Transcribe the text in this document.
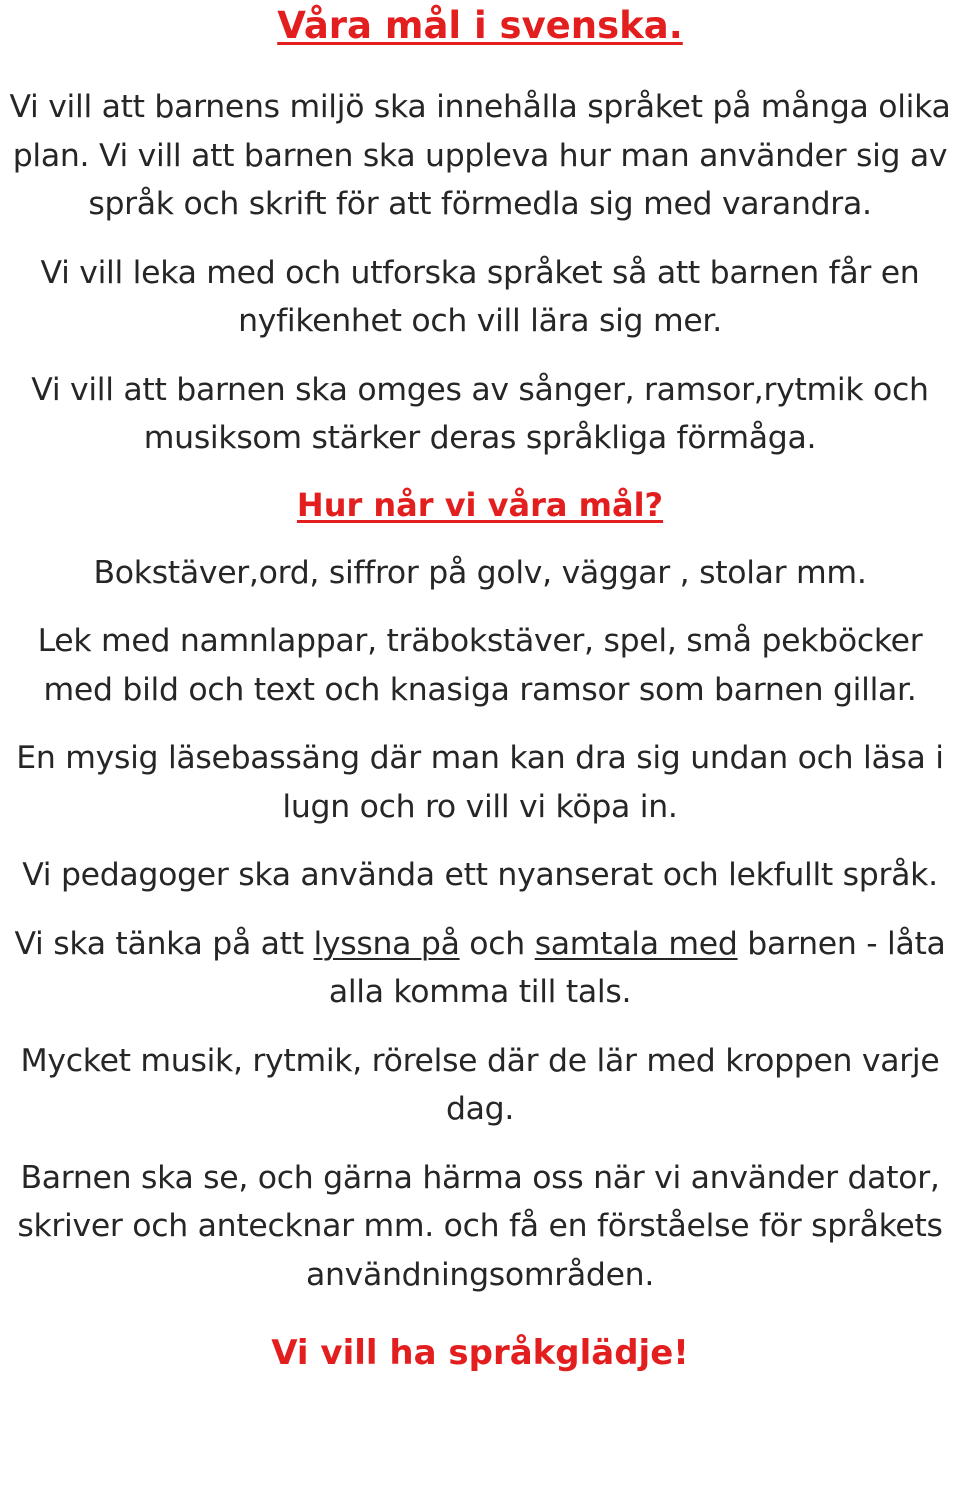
Våra mål i svenska.

Vi vill att barnens miljö ska innehålla språket på många olika plan. Vi vill att barnen ska uppleva hur man använder sig av språk och skrift för att förmedla sig med varandra.

Vi vill leka med och utforska språket så att barnen får en nyfikenhet och vill lära sig mer.

Vi vill att barnen ska omges av sånger, ramsor,rytmik och musiksom stärker deras språkliga förmåga.

Hur når vi våra mål?

Bokstäver,ord, siffror på golv, väggar , stolar mm.

Lek med namnlappar, träbokstäver, spel, små pekböcker med bild och text och knasiga ramsor som barnen gillar.

En mysig läsebassäng där man kan dra sig undan och läsa i lugn och ro vill vi köpa in.

Vi pedagoger ska använda ett nyanserat och lekfullt språk.

Vi ska tänka på att lyssna på och samtala med barnen - låta alla komma till tals.

Mycket musik, rytmik, rörelse där de lär med kroppen varje dag.

Barnen ska se, och gärna härma oss när vi använder dator, skriver och antecknar mm. och få en förståelse för språkets användningsområden.

Vi vill ha språkglädje!
